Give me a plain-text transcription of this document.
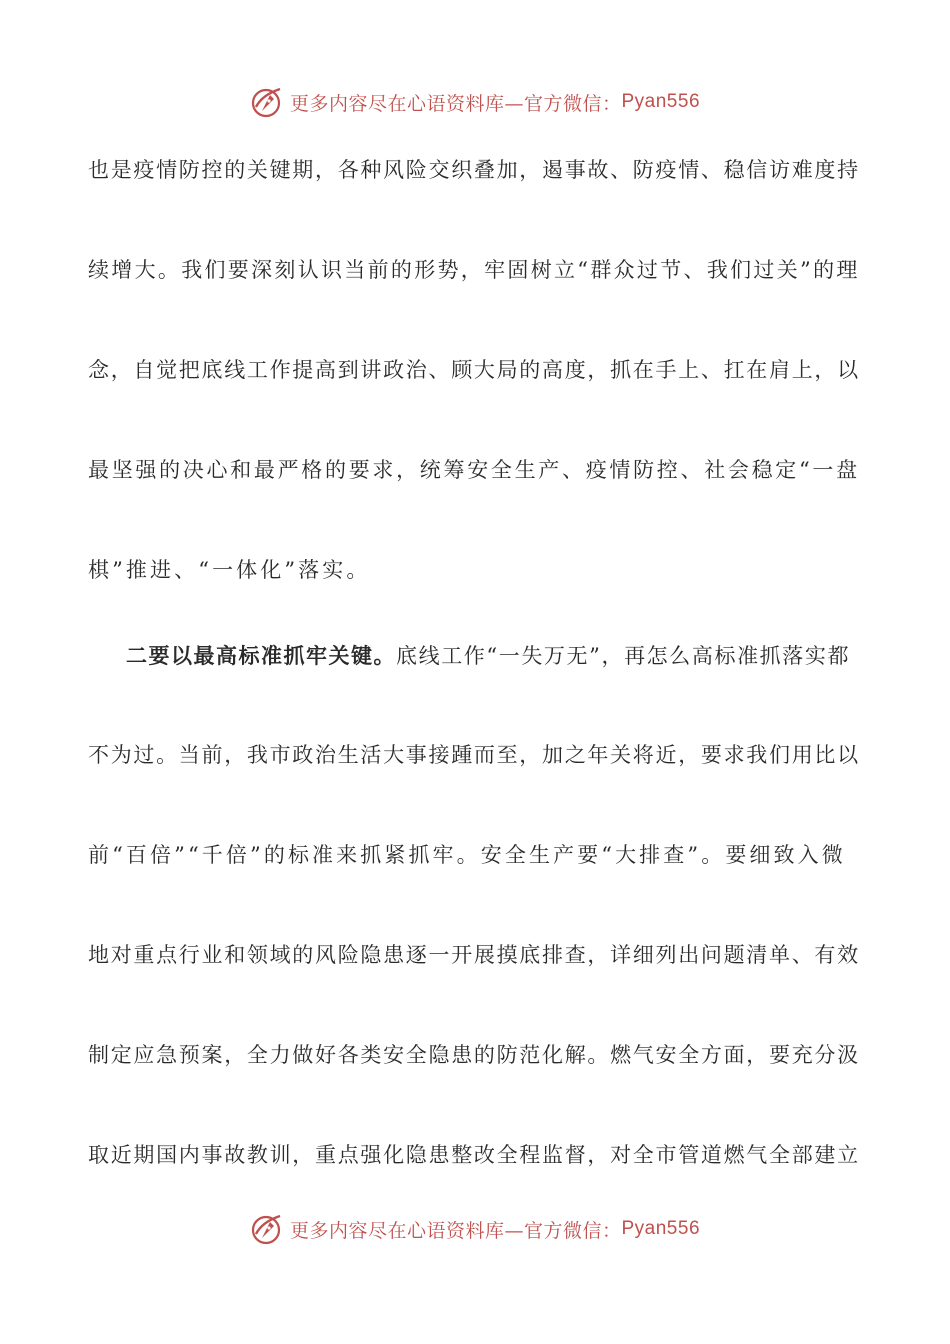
更多内容尽在心语资料库—官方微信： Pyan556
也是疫情防控的关键期，各种风险交织叠加，遏事故、防疫情、稳信访难度持
续增大。我们要深刻认识当前的形势，牢固树立“群众过节、我们过关”的理
念，自觉把底线工作提高到讲政治、顾大局的高度，抓在手上、扛在肩上，以
最坚强的决心和最严格的要求，统筹安全生产、疫情防控、社会稳定“一盘
棋”推进、“一体化”落实。
二要以最高标准抓牢关键。底线工作“一失万无”，再怎么高标准抓落实都
不为过。当前，我市政治生活大事接踵而至，加之年关将近，要求我们用比以
前“百倍”“千倍”的标准来抓紧抓牢。安全生产要“大排查”。要细致入微
地对重点行业和领域的风险隐患逐一开展摸底排查，详细列出问题清单、有效
制定应急预案，全力做好各类安全隐患的防范化解。燃气安全方面，要充分汲
取近期国内事故教训，重点强化隐患整改全程监督，对全市管道燃气全部建立
更多内容尽在心语资料库—官方微信： Pyan556
